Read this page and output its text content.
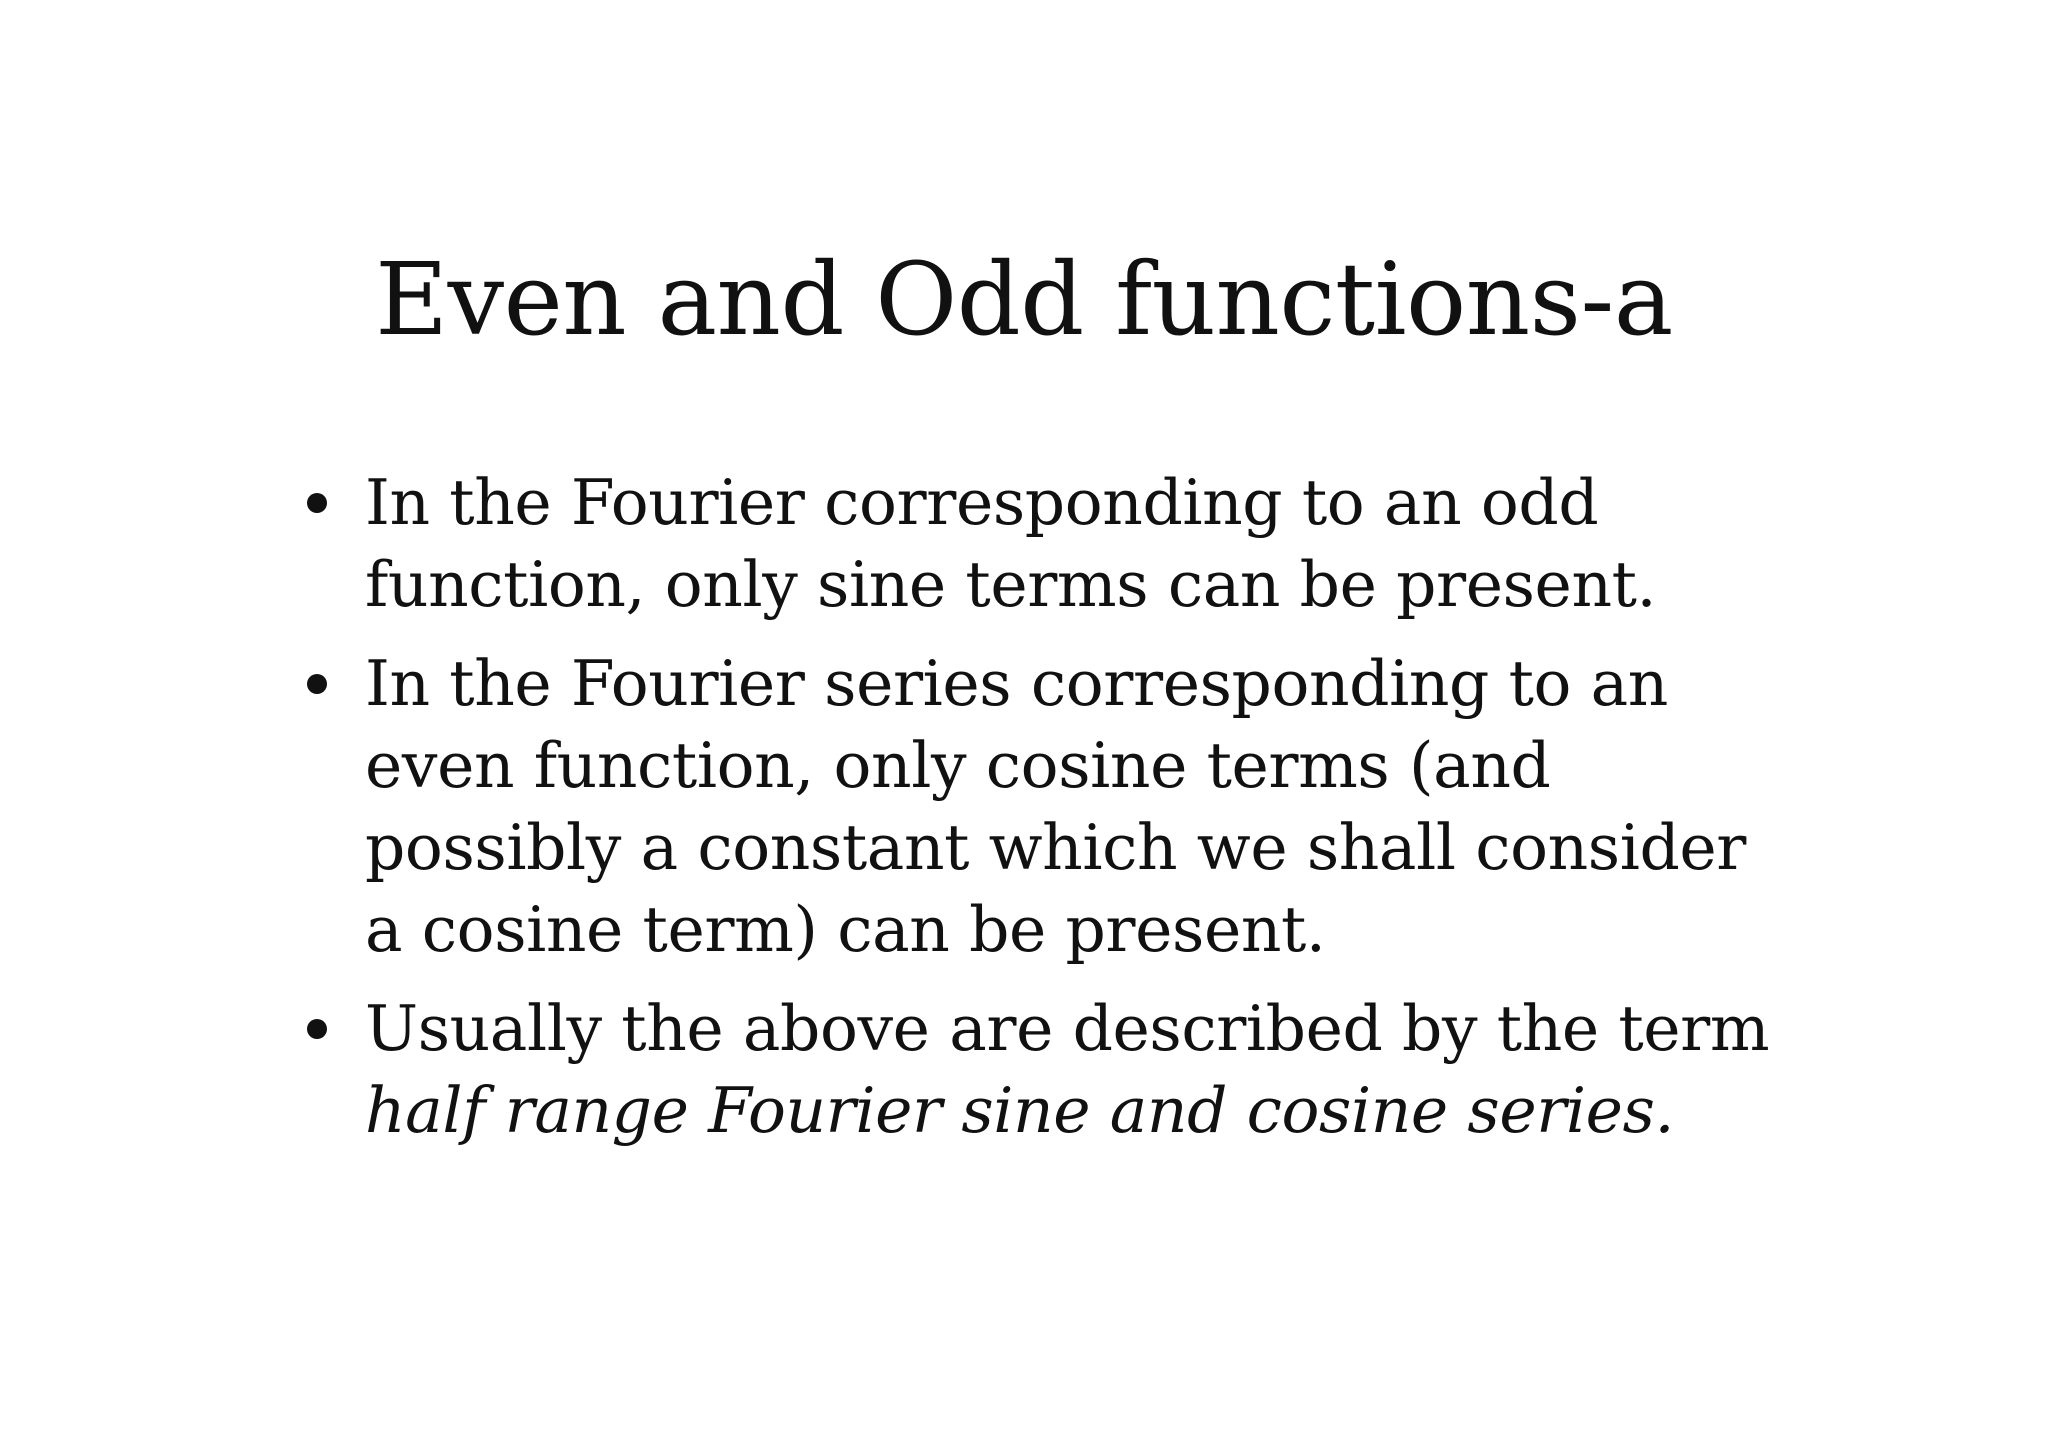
Even and Odd functions-a
In the Fourier corresponding to an odd function, only sine terms can be present.
In the Fourier series corresponding to an even function, only cosine terms (and possibly a constant which we shall consider a cosine term) can be present.
Usually the above are described by the term
half range Fourier sine and cosine series.
